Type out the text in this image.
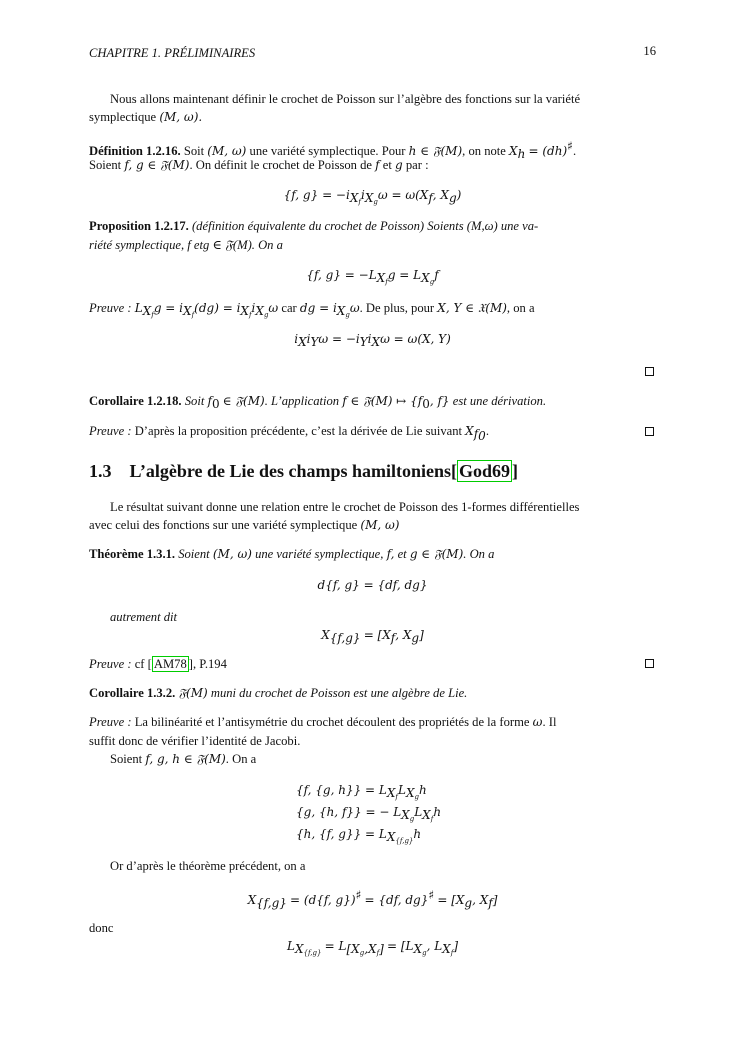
CHAPITRE 1. PRÉLIMINAIRES	16
Nous allons maintenant définir le crochet de Poisson sur l’algèbre des fonctions sur la variété
symplectique (M, ω).
Définition 1.2.16. Soit (M, ω) une variété symplectique. Pour h ∈ 𝔉(M), on note $X_h = (dh)^♯$.
Soient f, g ∈ 𝔉(M). On définit le crochet de Poisson de f et g par :
{f, $g\} = -i_{X_f}i_{X_g}\omega = \omega(X_f$, $X_g$)
Proposition 1.2.17. (définition équivalente du crochet de Poisson) Soients (M,ω) une va-
riété symplectique, f etg ∈ 𝔉(M). On a
{f, $g\} = -L_{X_f}g = L_{X_g}f$
Preuve : $L_{X_f}g = i_{X_f}(dg) = i_{X_f}i_{X_g}\omega$ car dg = $i_{X_g}\omega$. De plus, pour X, Y ∈ 𝔛(M), on a
$i_Xi_Y\omega = -i_Yi_X\omega = \omega(X$, Y)
Corollaire 1.2.18. Soit $f_0$ ∈ 𝔉(M). L’application f ∈ 𝔉(M) ↦ {$f_0$, f} est une dérivation.
Preuve : D’après la proposition précédente, c’est la dérivée de Lie suivant $X_{f_0}$.
1.3 L’algèbre de Lie des champs hamiltoniens[ God69 ]
Le résultat suivant donne une relation entre le crochet de Poisson des 1-formes différentielles
avec celui des fonctions sur une variété symplectique (M, ω)
Théorème 1.3.1. Soient (M, ω) une variété symplectique, f, et g ∈ 𝔉(M). On a
d{f, g} = {df, dg}
autrement dit
$X_{\{f,g\}} = [X_f$, $X_g$]
Preuve : cf [ AM78 ], P.194
Corollaire 1.3.2. 𝔉(M) muni du crochet de Poisson est une algèbre de Lie.
Preuve : La bilinéarité et l’antisymétrie du crochet découlent des propriétés de la forme ω. Il
suffit donc de vérifier l’identité de Jacobi.
Soient f, g, h ∈ 𝔉(M). On a
{f, {g, $h\}\} = L_{X_f}L_{X_g}h$
{g, {h, f}} = − $L_{X_g}L_{X_f}h$
{h, {f, $g\}\} = L_{X_{\{f,g\}}}h$
Or d’après le théorème précédent, on a
$X_{\{f,g\}} = (d\{f$, g})♯ = {df, $dg\}^♯ = [X_g$, $X_f$]
donc
$L_{X_{\{f,g\}}} = L_{[X_g,X_f]} = [L_{X_g}$, $L_{X_f}$]
